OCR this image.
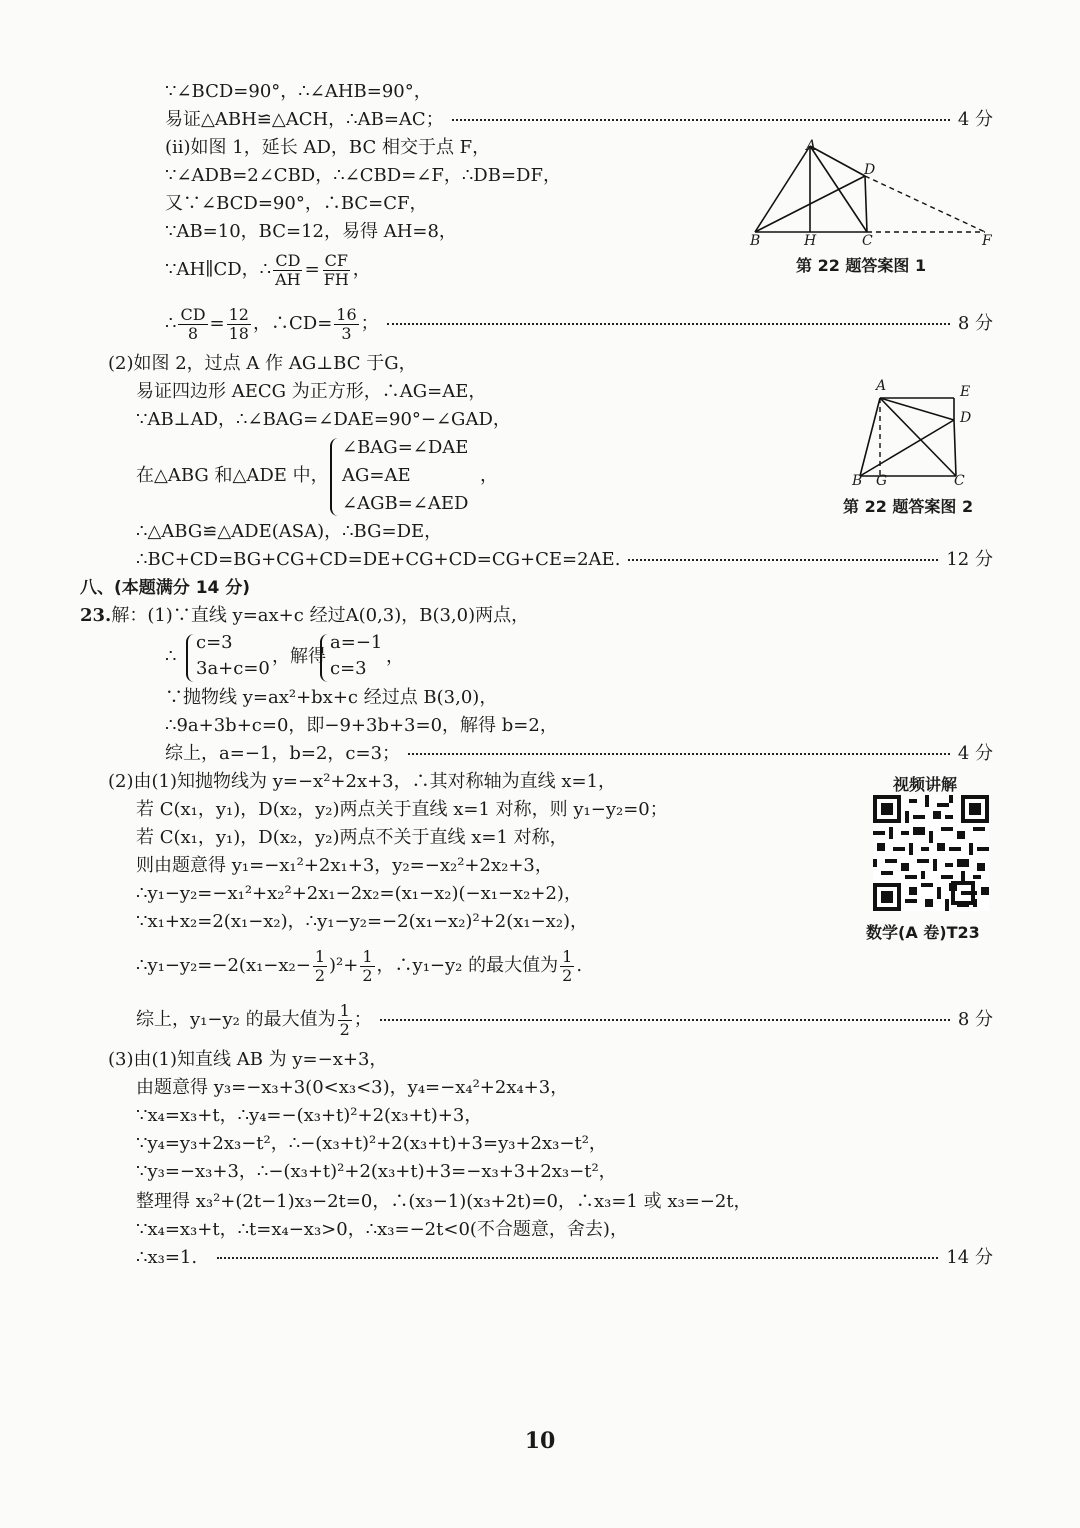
∵∠BCD=90°，∴∠AHB=90°，
易证△ABH≌△ACH，∴AB=AC；	4 分
(ii)如图 1，延长 AD，BC 相交于点 F，
∵∠ADB=2∠CBD，∴∠CBD=∠F，∴DB=DF，
又∵∠BCD=90°，∴BC=CF，
∵AB=10，BC=12，易得 AH=8，
∵AH∥CD，∴ $\frac{CD}{AH} = \frac{CF}{FH}$ ，
∴ $\frac{CD}{8} = \frac{12}{18}$ ，∴CD= $\frac{16}{3}$ ；	8 分
A
B	H	C
D
F
第 22 题答案图 1
(2)如图 2，过点 A 作 AG⊥BC 于G，
易证四边形 AECG 为正方形，∴AG=AE，
∵AB⊥AD，∴∠BAG=∠DAE=90°−∠GAD，
在△ABG 和△ADE 中，
∠BAG=∠DAE
AG=AE
∠AGB=∠AED
，
∴△ABG≌△ADE(ASA)，∴BG=DE，
∴BC+CD=BG+CG+CD=DE+CG+CD=CG+CE=2AE.	12 分
A	E
D
B G	C
第 22 题答案图 2
八、(本题满分 14 分)
23. 解：(1)∵直线 y=ax+c 经过A(0,3)，B(3,0)两点，
∴
c=3
3a+c=0
，解得
a=−1
c=3
，
∵抛物线 y=ax²+bx+c 经过点 B(3,0)，
∴9a+3b+c=0，即−9+3b+3=0，解得 b=2，
综上，a=−1，b=2，c=3；	4 分
(2)由(1)知抛物线为 y=−x²+2x+3，∴其对称轴为直线 x=1，
若 C(x₁，y₁)，D(x₂，y₂)两点关于直线 x=1 对称，则 y₁−y₂=0；
若 C(x₁，y₁)，D(x₂，y₂)两点不关于直线 x=1 对称，
则由题意得 y₁=−x₁²+2x₁+3，y₂=−x₂²+2x₂+3，
∴y₁−y₂=−x₁²+x₂²+2x₁−2x₂=(x₁−x₂)(−x₁−x₂+2)，
∵x₁+x₂=2(x₁−x₂)，∴y₁−y₂=−2(x₁−x₂)²+2(x₁−x₂)，
∴y₁−y₂=−2(x₁−x₂− $\frac{1}{2} )^2+ \frac{1}{2}$ ，∴y₁−y₂ 的最大值为 $\frac{1}{2}$ .
综上，y₁−y₂ 的最大值为 $\frac{1}{2}$ ；	8 分
视频讲解
数学(A 卷)T23
(3)由(1)知直线 AB 为 y=−x+3，
由题意得 y₃=−x₃+3(0<x₃<3)，y₄=−x₄²+2x₄+3，
∵x₄=x₃+t，∴y₄=−(x₃+t)²+2(x₃+t)+3，
∵y₄=y₃+2x₃−t²，∴−(x₃+t)²+2(x₃+t)+3=y₃+2x₃−t²，
∵y₃=−x₃+3，∴−(x₃+t)²+2(x₃+t)+3=−x₃+3+2x₃−t²，
整理得 x₃²+(2t−1)x₃−2t=0，∴(x₃−1)(x₃+2t)=0，∴x₃=1 或 x₃=−2t，
∵x₄=x₃+t，∴t=x₄−x₃>0，∴x₃=−2t<0(不合题意，舍去)，
∴x₃=1.	14 分
10
